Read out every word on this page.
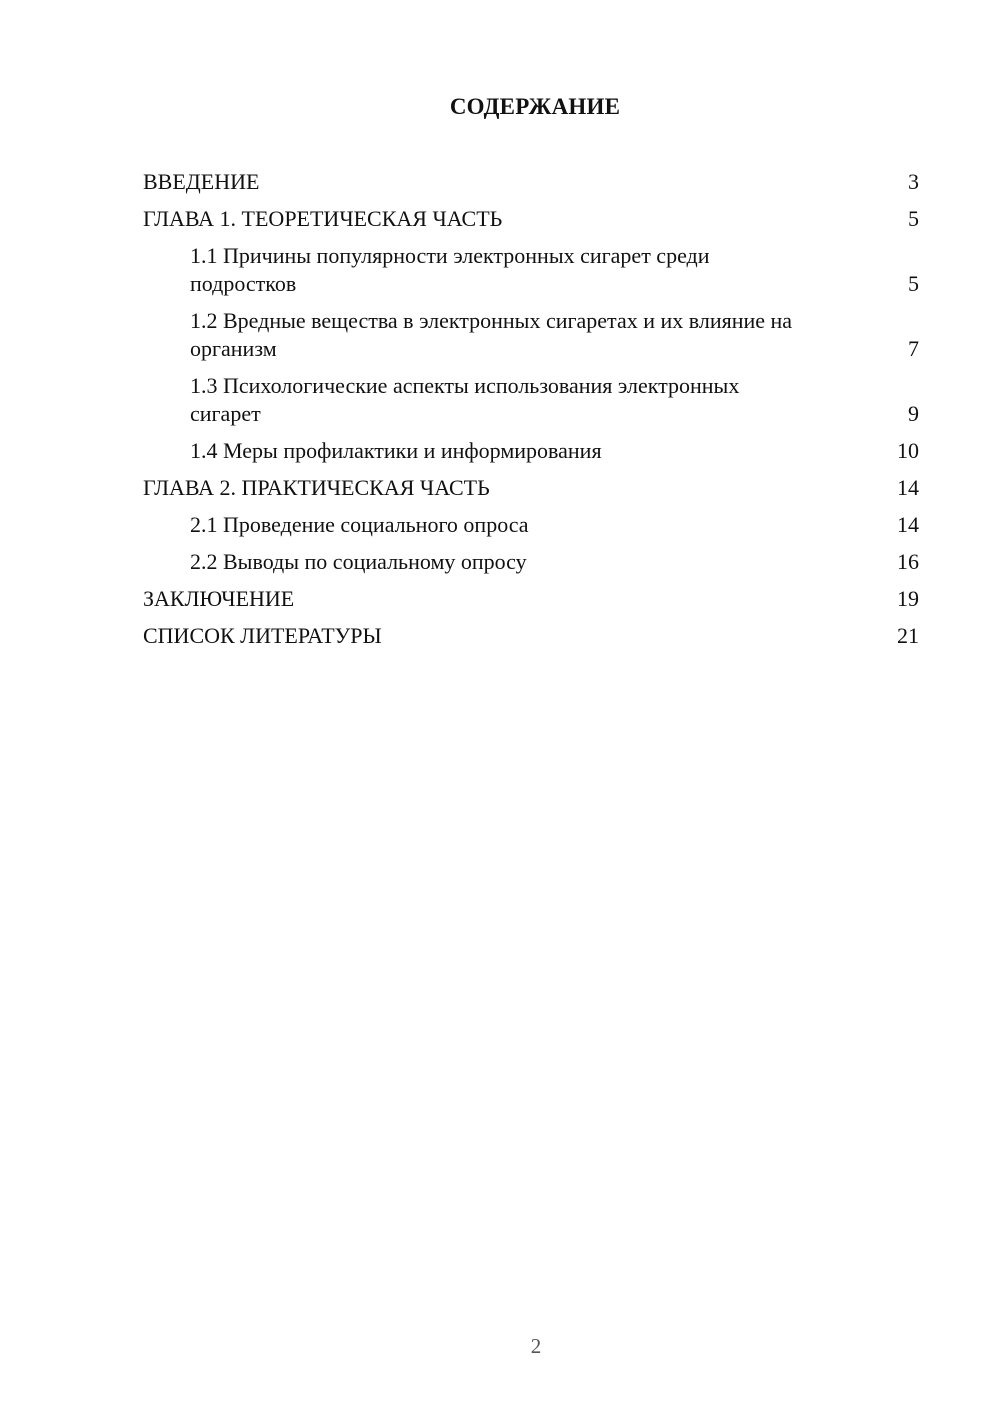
СОДЕРЖАНИЕ
ВВЕДЕНИЕ	3
ГЛАВА 1. ТЕОРЕТИЧЕСКАЯ ЧАСТЬ	5
1.1 Причины популярности электронных сигарет среди подростков	5
1.2 Вредные вещества в электронных сигаретах и их влияние на организм	7
1.3 Психологические аспекты использования электронных сигарет	9
1.4 Меры профилактики и информирования	10
ГЛАВА 2. ПРАКТИЧЕСКАЯ ЧАСТЬ	14
2.1 Проведение социального опроса	14
2.2 Выводы по социальному опросу	16
ЗАКЛЮЧЕНИЕ	19
СПИСОК ЛИТЕРАТУРЫ	21
2
